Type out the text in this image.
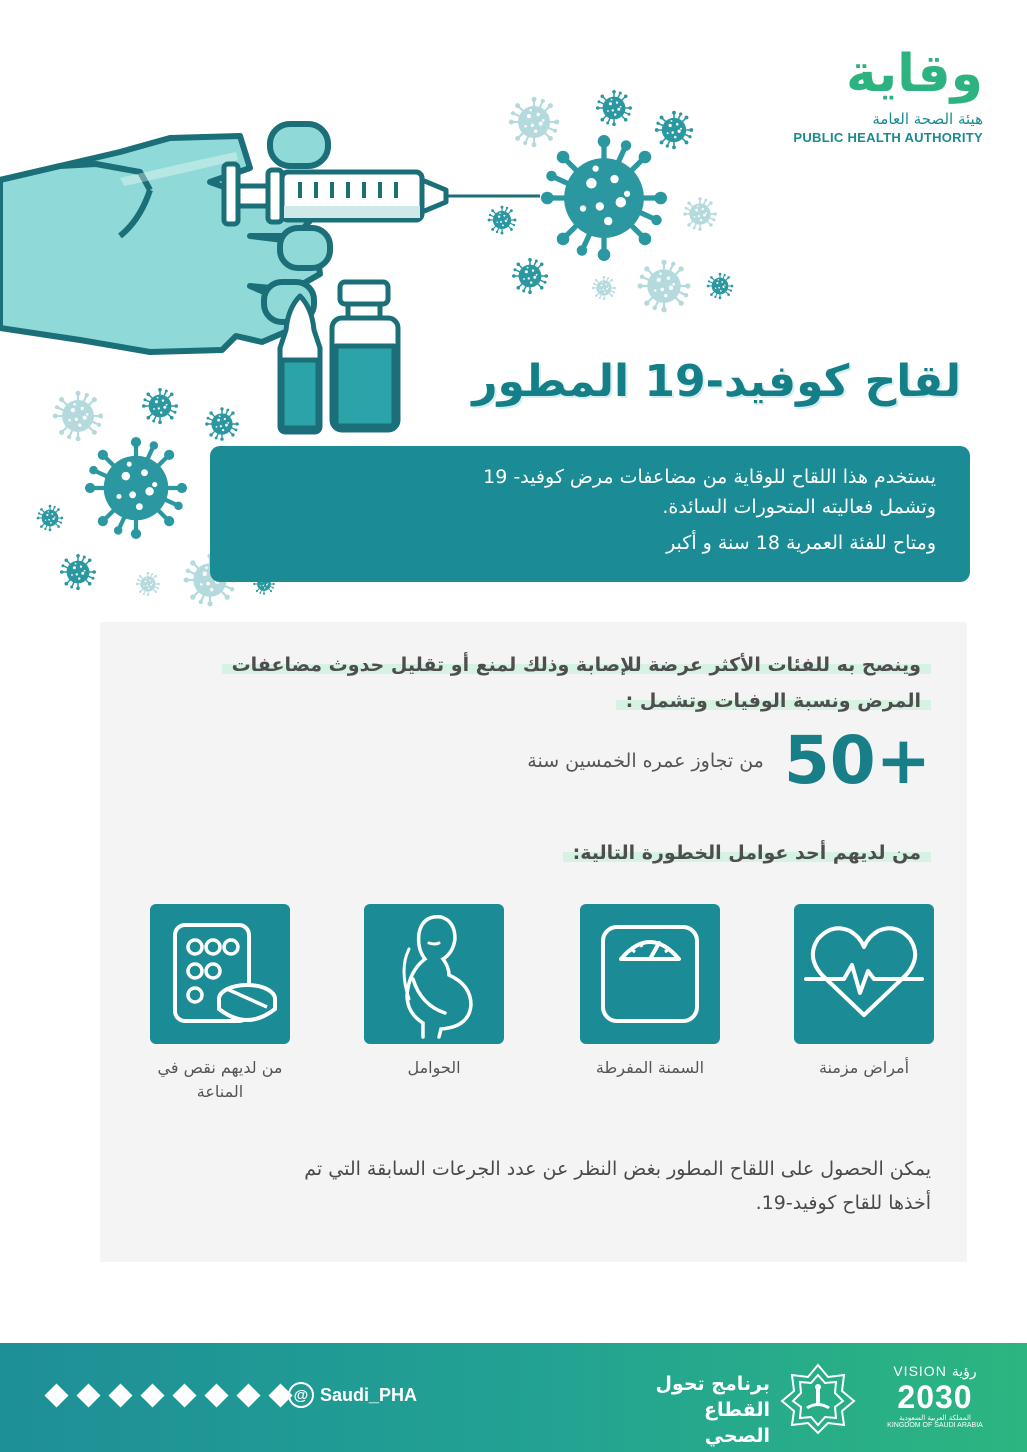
وقاية
هيئة الصحة العامة
PUBLIC HEALTH AUTHORITY
لقاح كوفيد-19 المطور

يستخدم هذا اللقاح للوقاية من مضاعفات مرض كوفيد- 19

وتشمل فعاليته المتحورات السائدة.

ومتاح للفئة العمرية 18 سنة و أكبر

وينصح به للفئات الأكثر عرضة للإصابة وذلك لمنع أو تقليل حدوث مضاعفات
المرض ونسبة الوفيات وتشمل :
50+
من تجاوز عمره الخمسين سنة
من لديهم أحد عوامل الخطورة التالية:
أمراض مزمنة
السمنة المفرطة
الحوامل
من لديهم نقص في المناعة
يمكن الحصول على اللقاح المطور بغض النظر عن عدد الجرعات السابقة التي تم
أخذها للقاح كوفيد-19.
@ Saudi_PHA	برنامج تحول
القطاع الصحي
VISION رؤية
2030
المملكة العربية السعودية
KINGDOM OF SAUDI ARABIA
